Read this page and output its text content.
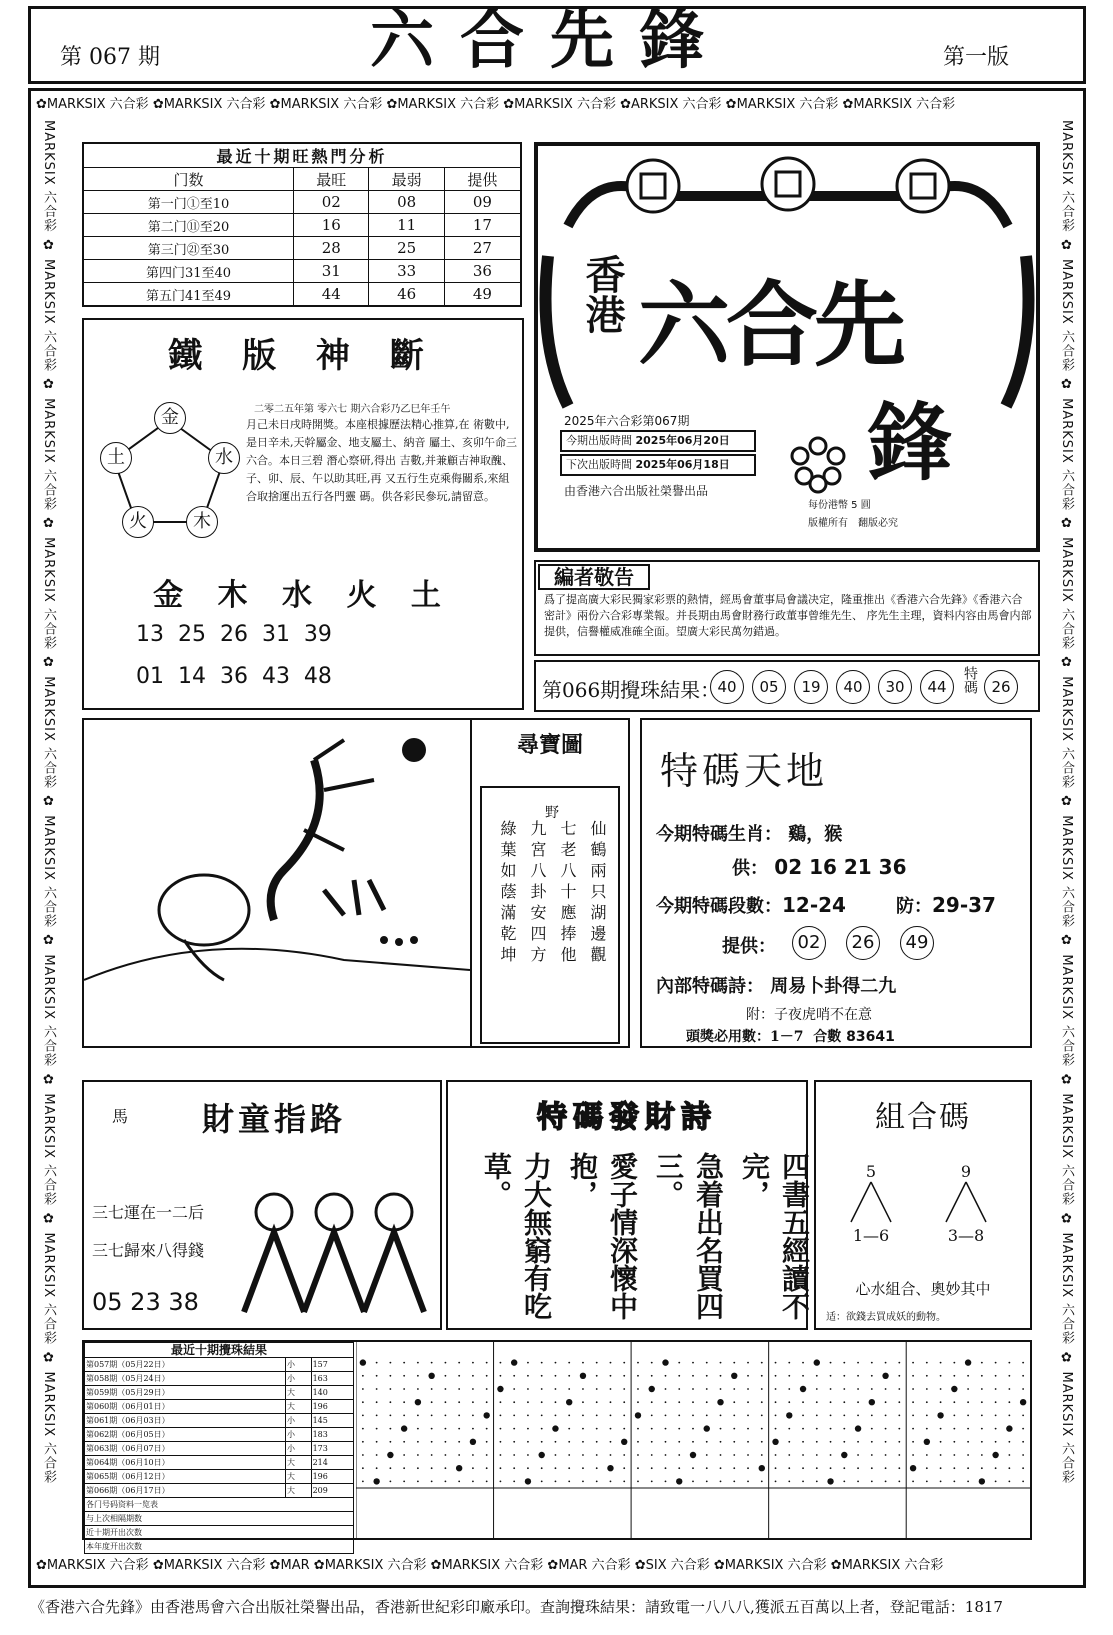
第 067 期	六合先鋒	第一版
✿MARKSIX 六合彩 ✿MARKSIX 六合彩 ✿MARKSIX 六合彩 ✿MARKSIX 六合彩 ✿MARKSIX 六合彩 ✿ARKSIX 六合彩 ✿MARKSIX 六合彩 ✿MARKSIX 六合彩
✿MARKSIX 六合彩 ✿MARKSIX 六合彩 ✿MAR ✿MARKSIX 六合彩 ✿MARKSIX 六合彩 ✿MAR 六合彩 ✿SIX 六合彩 ✿MARKSIX 六合彩 ✿MARKSIX 六合彩
MARKSIX 六合彩 ✿ MARKSIX 六合彩 ✿ MARKSIX 六合彩 ✿ MARKSIX 六合彩 ✿ MARKSIX 六合彩 ✿ MARKSIX 六合彩 ✿ MARKSIX 六合彩 ✿ MARKSIX 六合彩 ✿ MARKSIX 六合彩 ✿ MARKSIX 六合彩	MARKSIX 六合彩 ✿ MARKSIX 六合彩 ✿ MARKSIX 六合彩 ✿ MARKSIX 六合彩 ✿ MARKSIX 六合彩 ✿ MARKSIX 六合彩 ✿ MARKSIX 六合彩 ✿ MARKSIX 六合彩 ✿ MARKSIX 六合彩 ✿ MARKSIX 六合彩
最近十期旺熱門分析			
门数	最旺	最弱	提供
第一门①至10	02	08	09
第二门⑪至20	16	11	17
第三门㉑至30	28	25	27
第四门31至40	31	33	36
第五门41至49	44	46	49
鐵 版 神 斷
金
水
木
火
土
二零二五年第 零六七 期六合彩乃乙巳年壬午
月己未日戌時開獎。本座根據歷法精心推算,在 術數中,是日辛未,天幹屬金、地支屬土、納音 屬土、亥卯午命三六合。本日三碧 潛心察研,得出 吉數,并兼顧吉神取醜、子、卯、辰、午以助其旺,再 又五行生克乘侮關系,來組合取捨運出五行各門靈 碼。供各彩民參玩,請留意。
金 木 水 火 土
13  25  26  31  39
01  14  36  43  48
香港 六合先
鋒
2025年六合彩第067期
今期出版時間 2025年06月20日
下次出版時間 2025年06月18日
由香港六合出版社榮譽出品
每份港幣 5 圓
版權所有　翻版必究
編者敬告
爲了提高廣大彩民獨家彩票的熱情，經馬會董事局會議决定，隆重推出《香港六合先鋒》《香港六合密計》兩份六合彩專業報。并長期由馬會財務行政董事曾维先生、 序先生主理，資料内容由馬會内部提供，信譽權威准確全面。望廣大彩民萬勿錯過。
第066期攪珠結果：
40	05	19	40	30	44	特碼 26
尋寶圖
野
仙鶴兩只湖邊觀
七老八十應捧他
九宮八卦安四方
綠葉如蔭滿乾坤
特碼天地
今期特碼生肖： 鷄，猴
供： 02 16 21 36
今期特碼段數：12-24	防：29-37
提供：	02	26	49
內部特碼詩： 周易卜卦得二九
附：子夜虎哨不在意
頭獎必用數：1－7 合數 83641
馬 財童指路
三七運在一二后
三七歸來八得錢
05 23 38
特碼發財詩
四書五經讀不完，
急着出名買四三。
愛子情深懷中抱，
力大無窮有吃草。
組合碼
5
1—6
9
3—8
心水組合、奧妙其中
适：欲錢去買成妖的動物。
最近十期攪珠結果		
第057期（05月22日）	小	157
第058期（05月24日）	小	163
第059期（05月29日）	大	140
第060期（06月01日）	大	196
第061期（06月03日）	小	145
第062期（06月05日）	小	183
第063期（06月07日）	小	173
第064期（06月10日）	大	214
第065期（06月12日）	大	196
第066期（06月17日）	大	209
各门号码资料一览表		
与上次相隔期数		
近十期开出次数		
本年度开出次数		
《香港六合先鋒》由香港馬會六合出版社榮譽出品，香港新世紀彩印廠承印。查詢攪珠結果：請致電一八八八,獲派五百萬以上者，登記電話：1817
